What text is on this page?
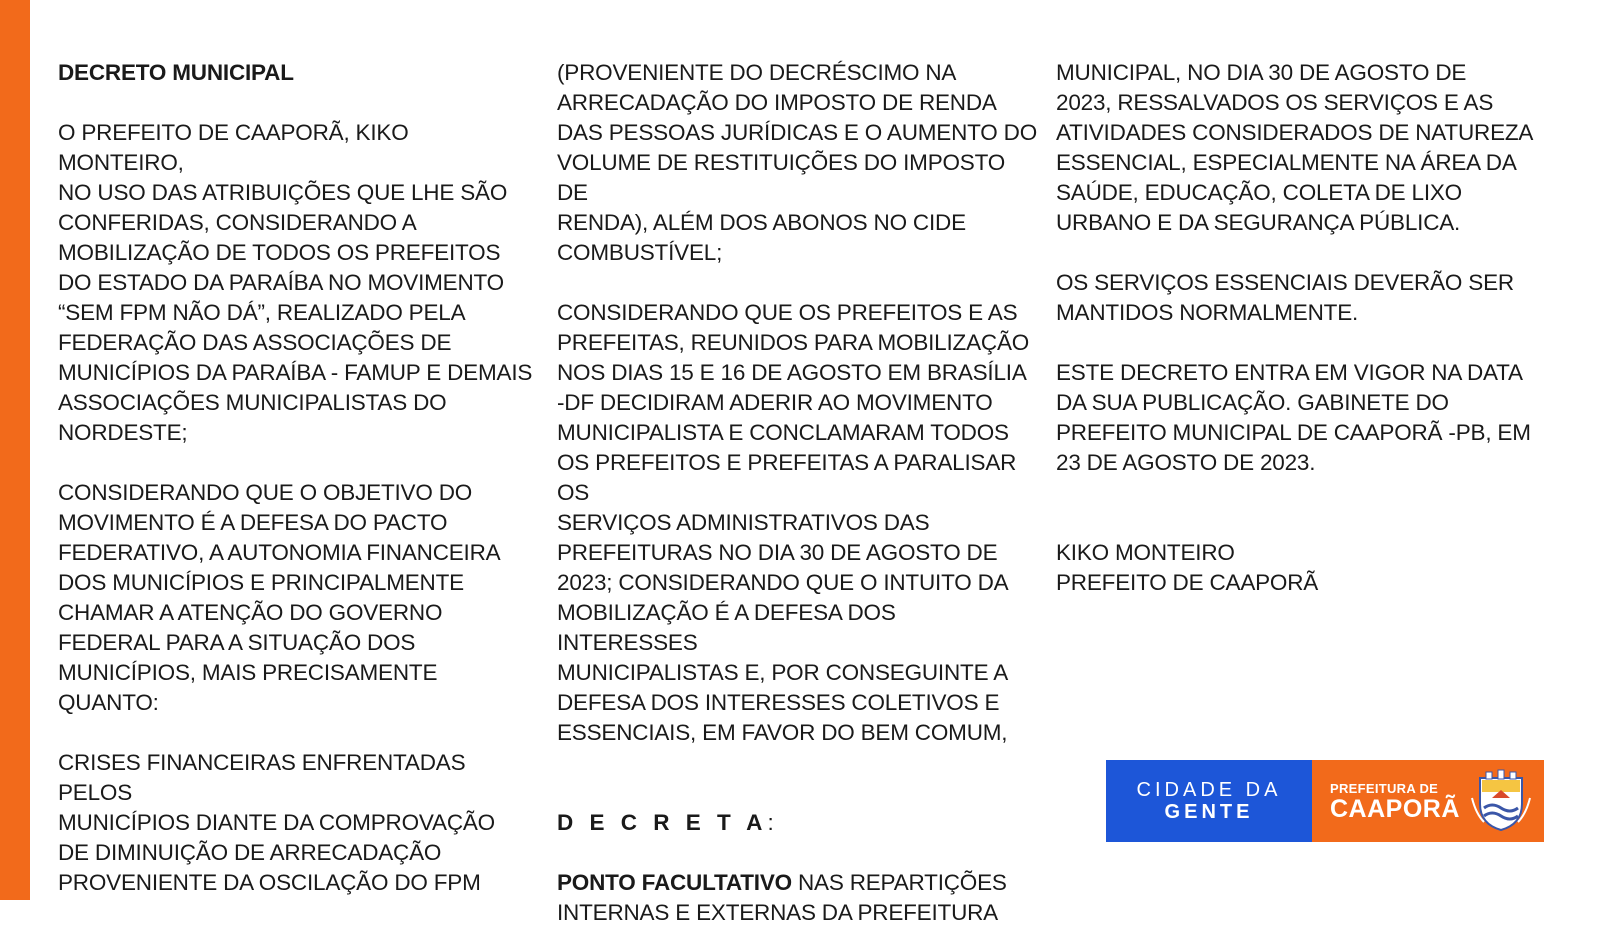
DECRETO MUNICIPAL

O PREFEITO DE CAAPORÃ, KIKO MONTEIRO,
NO USO DAS ATRIBUIÇÕES QUE LHE SÃO
CONFERIDAS, CONSIDERANDO A
MOBILIZAÇÃO DE TODOS OS PREFEITOS
DO ESTADO DA PARAÍBA NO MOVIMENTO
“SEM FPM NÃO DÁ”, REALIZADO PELA
FEDERAÇÃO DAS ASSOCIAÇÕES DE
MUNICÍPIOS DA PARAÍBA - FAMUP E DEMAIS
ASSOCIAÇÕES MUNICIPALISTAS DO
NORDESTE;

CONSIDERANDO QUE O OBJETIVO DO
MOVIMENTO É A DEFESA DO PACTO
FEDERATIVO, A AUTONOMIA FINANCEIRA
DOS MUNICÍPIOS E PRINCIPALMENTE
CHAMAR A ATENÇÃO DO GOVERNO
FEDERAL PARA A SITUAÇÃO DOS
MUNICÍPIOS, MAIS PRECISAMENTE
QUANTO:

CRISES FINANCEIRAS ENFRENTADAS PELOS
MUNICÍPIOS DIANTE DA COMPROVAÇÃO
DE DIMINUIÇÃO DE ARRECADAÇÃO
PROVENIENTE DA OSCILAÇÃO DO FPM

(PROVENIENTE DO DECRÉSCIMO NA
ARRECADAÇÃO DO IMPOSTO DE RENDA
DAS PESSOAS JURÍDICAS E O AUMENTO DO
VOLUME DE RESTITUIÇÕES DO IMPOSTO DE
RENDA), ALÉM DOS ABONOS NO CIDE
COMBUSTÍVEL;

CONSIDERANDO QUE OS PREFEITOS E AS
PREFEITAS, REUNIDOS PARA MOBILIZAÇÃO
NOS DIAS 15 E 16 DE AGOSTO EM BRASÍLIA
-DF DECIDIRAM ADERIR AO MOVIMENTO
MUNICIPALISTA E CONCLAMARAM TODOS
OS PREFEITOS E PREFEITAS A PARALISAR OS
SERVIÇOS ADMINISTRATIVOS DAS
PREFEITURAS NO DIA 30 DE AGOSTO DE
2023; CONSIDERANDO QUE O INTUITO DA
MOBILIZAÇÃO É A DEFESA DOS INTERESSES
MUNICIPALISTAS E, POR CONSEGUINTE A
DEFESA DOS INTERESSES COLETIVOS E
ESSENCIAIS, EM FAVOR DO BEM COMUM,

D E C R E T A:

PONTO FACULTATIVO NAS REPARTIÇÕES
INTERNAS E EXTERNAS DA PREFEITURA

MUNICIPAL, NO DIA 30 DE AGOSTO DE
2023, RESSALVADOS OS SERVIÇOS E AS
ATIVIDADES CONSIDERADOS DE NATUREZA
ESSENCIAL, ESPECIALMENTE NA ÁREA DA
SAÚDE, EDUCAÇÃO, COLETA DE LIXO
URBANO E DA SEGURANÇA PÚBLICA.

OS SERVIÇOS ESSENCIAIS DEVERÃO SER
MANTIDOS NORMALMENTE.

ESTE DECRETO ENTRA EM VIGOR NA DATA
DA SUA PUBLICAÇÃO. GABINETE DO
PREFEITO MUNICIPAL DE CAAPORÃ -PB, EM
23 DE AGOSTO DE 2023.

KIKO MONTEIRO

PREFEITO DE CAAPORÃ

CIDADE DA
GENTE
PREFEITURA DE
CAAPORÃ
